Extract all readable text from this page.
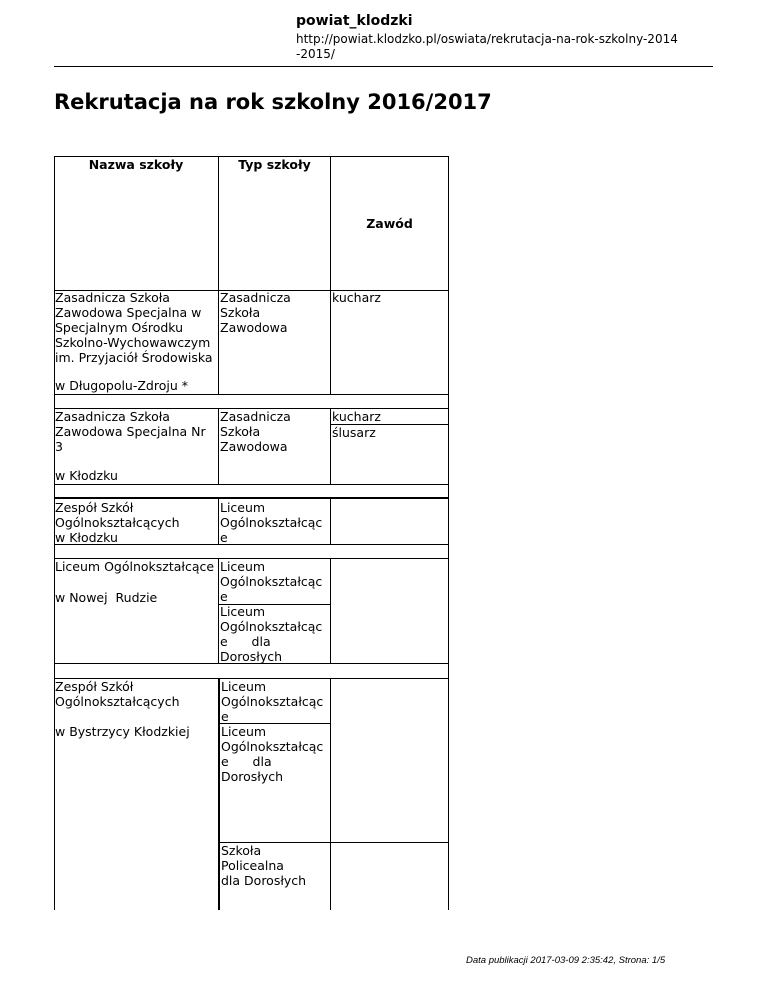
powiat_klodzki
http://powiat.klodzko.pl/oswiata/rekrutacja-na-rok-szkolny-2014
-2015/
Rekrutacja na rok szkolny 2016/2017
Nazwa szkoły	Typ szkoły
Zawód
Zasadnicza Szkoła
Zawodowa Specjalna w
Specjalnym Ośrodku
Szkolno-Wychowawczym
im. Przyjaciół Środowiska
w Długopolu-Zdroju *
Zasadnicza
Szkoła
Zawodowa
kucharz
Zasadnicza Szkoła
Zawodowa Specjalna Nr
3
w Kłodzku
Zasadnicza
Szkoła
Zawodowa
kucharz
ślusarz
Zespół Szkół
Ogólnokształcących
w Kłodzku
Liceum
Ogólnokształcąc
e
Liceum Ogólnokształcące
w Nowej  Rudzie
Liceum
Ogólnokształcąc
e
Liceum
Ogólnokształcąc
e      dla
Dorosłych
Zespół Szkół
Ogólnokształcących
w Bystrzycy Kłodzkiej
Liceum
Ogólnokształcąc
e
Liceum
Ogólnokształcąc
e      dla
Dorosłych
Szkoła
Policealna
dla Dorosłych
Data publikacji 2017-03-09 2:35:42, Strona: 1/5
